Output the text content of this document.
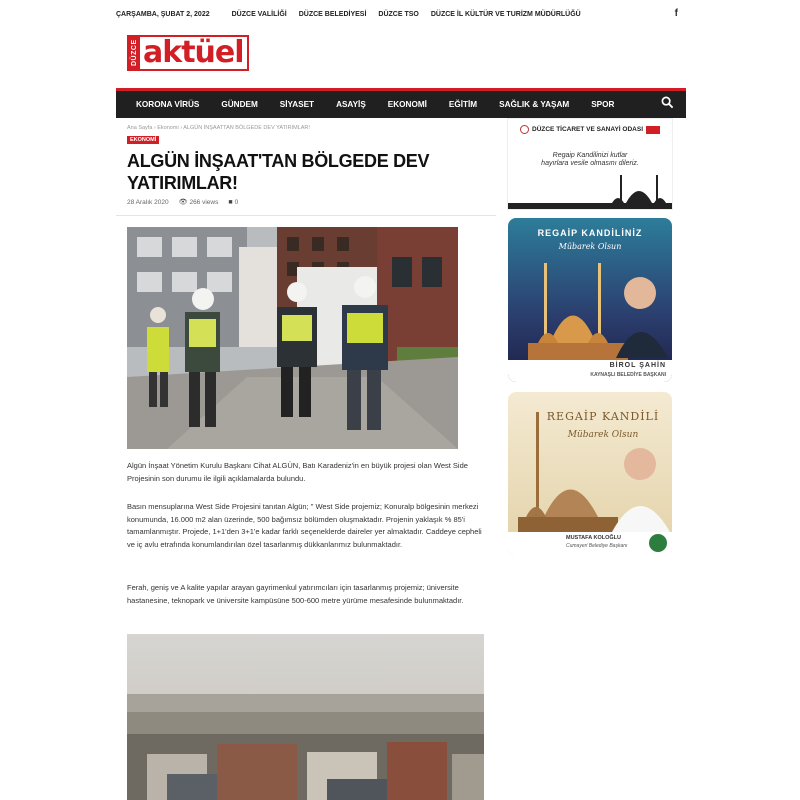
ÇARŞAMBA, ŞUBAT 2, 2022	DÜZCE VALİLİĞİ DÜZCE BELEDİYESİ DÜZCE TSO DÜZCE İL KÜLTÜR VE TURİZM MÜDÜRLÜĞÜ	f
DÜZCE aktüel
KORONA VİRÜS	GÜNDEM	SİYASET	ASAYİŞ	EKONOMİ	EĞİTİM	SAĞLIK & YAŞAM	SPOR
Ana Sayfa › Ekonomi › ALGÜN İNŞAATTAN BÖLGEDE DEV YATIRIMLAR!
EKONOMİ
ALGÜN İNŞAAT'TAN BÖLGEDE DEV YATIRIMLAR!
28 Aralık 2020 👁 266 views ■ 0

Algün İnşaat Yönetim Kurulu Başkanı Cihat ALGÜN, Batı Karadeniz'in en büyük projesi olan West Side Projesinin son durumu ile ilgili açıklamalarda bulundu.

Basın mensuplarına West Side Projesini tanıtan Algün; " West Side projemiz; Konuralp bölgesinin merkezi konumunda, 16.000 m2 alan üzerinde, 500 bağımsız bölümden oluşmaktadır. Projenin yaklaşık % 85'i tamamlanmıştır. Projede, 1+1'den 3+1'e kadar farklı seçeneklerde daireler yer almaktadır. Caddeye cepheli ve iç avlu etrafında konumlandırılan özel tasarlanmış dükkanlarımız bulunmaktadır.

Ferah, geniş ve A kalite yapılar arayan gayrimenkul yatırımcıları için tasarlanmış projemiz; üniversite hastanesine, teknopark ve üniversite kampüsüne 500-600 metre yürüme mesafesinde bulunmaktadır.

DÜZCE TİCARET VE SANAYİ ODASI
Regaip Kandilinizi kutlar
hayırlara vesile olmasını dileriz.
REGAİP KANDİLİNİZ
Mübarek Olsun
BİROL ŞAHİN
KAYNAŞLI BELEDİYE BAŞKANI
REGAİP KANDİLİ
Mübarek Olsun
MUSTAFA KOLOĞLU
Cumayeri Belediye Başkanı
